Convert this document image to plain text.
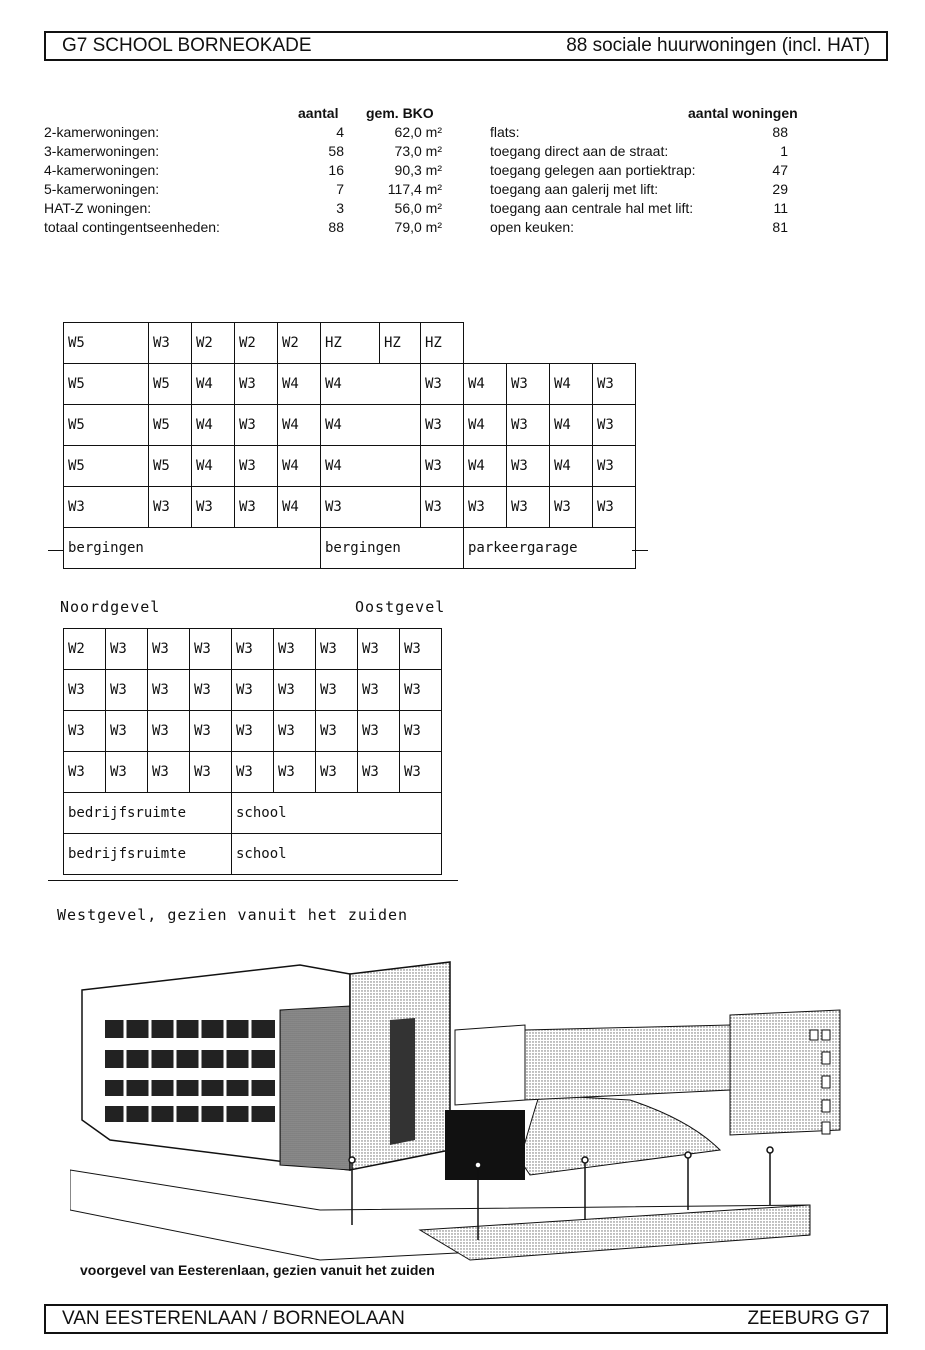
G7 SCHOOL BORNEOKADE	88 sociale huurwoningen (incl. HAT)
aantal gem. BKO
2-kamerwoningen:	4	62,0 m²
3-kamerwoningen:	58	73,0 m²
4-kamerwoningen:	16	90,3 m²
5-kamerwoningen:	7	117,4 m²
HAT-Z woningen:	3	56,0 m²
totaal contingentseenheden:	88	79,0 m²
aantal woningen
flats:	88
toegang direct aan de straat:	1
toegang gelegen aan portiektrap:	47
toegang aan galerij met lift:	29
toegang aan centrale hal met lift:	11
open keuken:	81
W5	W3	W2	W2	W2	HZ	HZ	HZ				
W5	W5	W4	W3	W4	W4		W3	W4	W3	W4	W3
W5	W5	W4	W3	W4	W4		W3	W4	W3	W4	W3
W5	W5	W4	W3	W4	W4		W3	W4	W3	W4	W3
W3	W3	W3	W3	W4	W3		W3	W3	W3	W3	W3
bergingen					bergingen			parkeergarage			
Noordgevel	Oostgevel
W2	W3	W3	W3	W3	W3	W3	W3	W3
W3	W3	W3	W3	W3	W3	W3	W3	W3
W3	W3	W3	W3	W3	W3	W3	W3	W3
W3	W3	W3	W3	W3	W3	W3	W3	W3
bedrijfsruimte				school				
bedrijfsruimte				school				
Westgevel, gezien vanuit het zuiden
voorgevel van Eesterenlaan, gezien vanuit het zuiden
VAN EESTERENLAAN / BORNEOLAAN	ZEEBURG G7
